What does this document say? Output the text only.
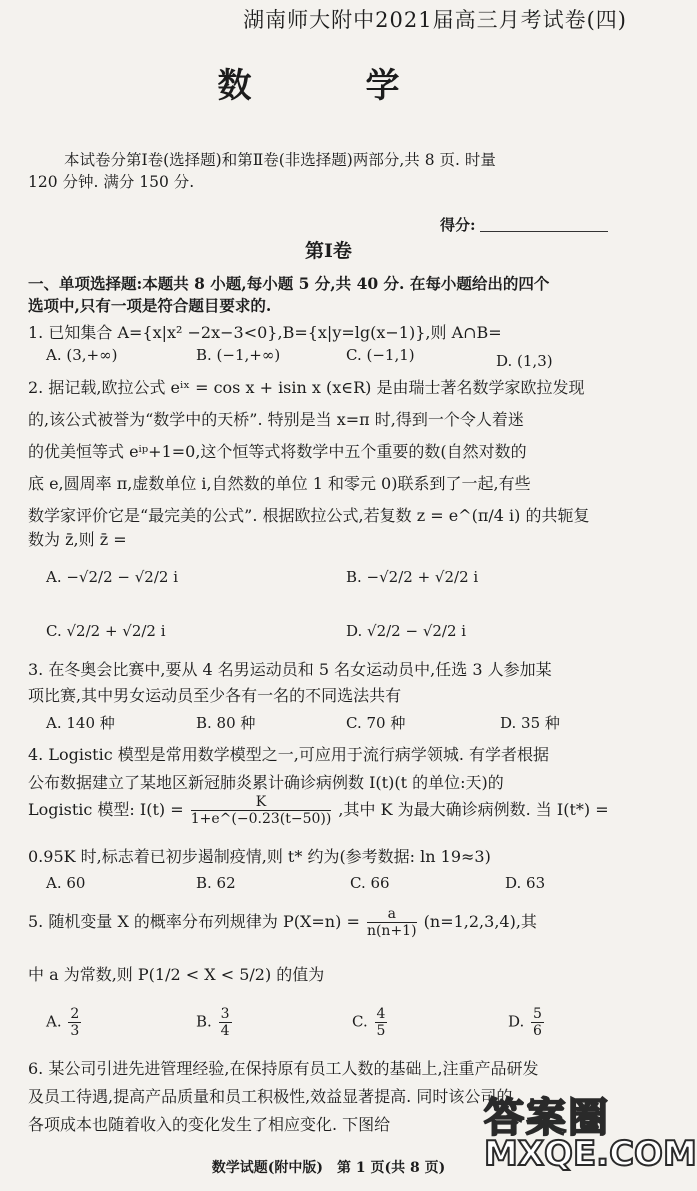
湖南师大附中2021届高三月考试卷(四)
数　学
本试卷分第Ⅰ卷(选择题)和第Ⅱ卷(非选择题)两部分,共 8 页. 时量
120 分钟. 满分 150 分.
得分:
第Ⅰ卷
一、单项选择题:本题共 8 小题,每小题 5 分,共 40 分. 在每小题给出的四个
选项中,只有一项是符合题目要求的.
1. 已知集合 A={x|x² −2x−3<0},B={x|y=lg(x−1)},则 A∩B=
A. (3,+∞)	B. (−1,+∞)	C. (−1,1)	D. (1,3)
2. 据记载,欧拉公式 eⁱˣ = cos x + isin x (x∈R) 是由瑞士著名数学家欧拉发现
的,该公式被誉为“数学中的天桥”. 特别是当 x=π 时,得到一个令人着迷
的优美恒等式 eⁱᵖ+1=0,这个恒等式将数学中五个重要的数(自然对数的
底 e,圆周率 π,虚数单位 i,自然数的单位 1 和零元 0)联系到了一起,有些
数学家评价它是“最完美的公式”. 根据欧拉公式,若复数 z = e^(π/4 i) 的共轭复
数为 z̄,则 z̄ =
A. −√2/2 − √2/2 i	B. −√2/2 + √2/2 i
C. √2/2 + √2/2 i	D. √2/2 − √2/2 i
3. 在冬奥会比赛中,要从 4 名男运动员和 5 名女运动员中,任选 3 人参加某
项比赛,其中男女运动员至少各有一名的不同选法共有
A. 140 种	B. 80 种	C. 70 种	D. 35 种
4. Logistic 模型是常用数学模型之一,可应用于流行病学领城. 有学者根据
公布数据建立了某地区新冠肺炎累计确诊病例数 I(t)(t 的单位:天)的
Logistic 模型: $I(t) = \frac{K}{1+e\^{}(-0.23(t-50))}$ ,其中 K 为最大确诊病例数. 当 I(t*) =
0.95K 时,标志着已初步遏制疫情,则 t* 约为(参考数据: ln 19≈3)
A. 60	B. 62	C. 66	D. 63
5. 随机变量 X 的概率分布列规律为 $P(X=n) = \frac{a}{n(n+1)} (n=1,2,3,4)$,其
中 a 为常数,则 P(1/2 < X < 5/2) 的值为
A. $\frac{2}{3}$	B. $\frac{3}{4}$	C. $\frac{4}{5}$	D. $\frac{5}{6}$
6. 某公司引进先进管理经验,在保持原有员工人数的基础上,注重产品研发
及员工待遇,提高产品质量和员工积极性,效益显著提高. 同时该公司的
各项成本也随着收入的变化发生了相应变化. 下图给
数学试题(附中版)　第 1 页(共 8 页)
答案圈
MXQE.COM
